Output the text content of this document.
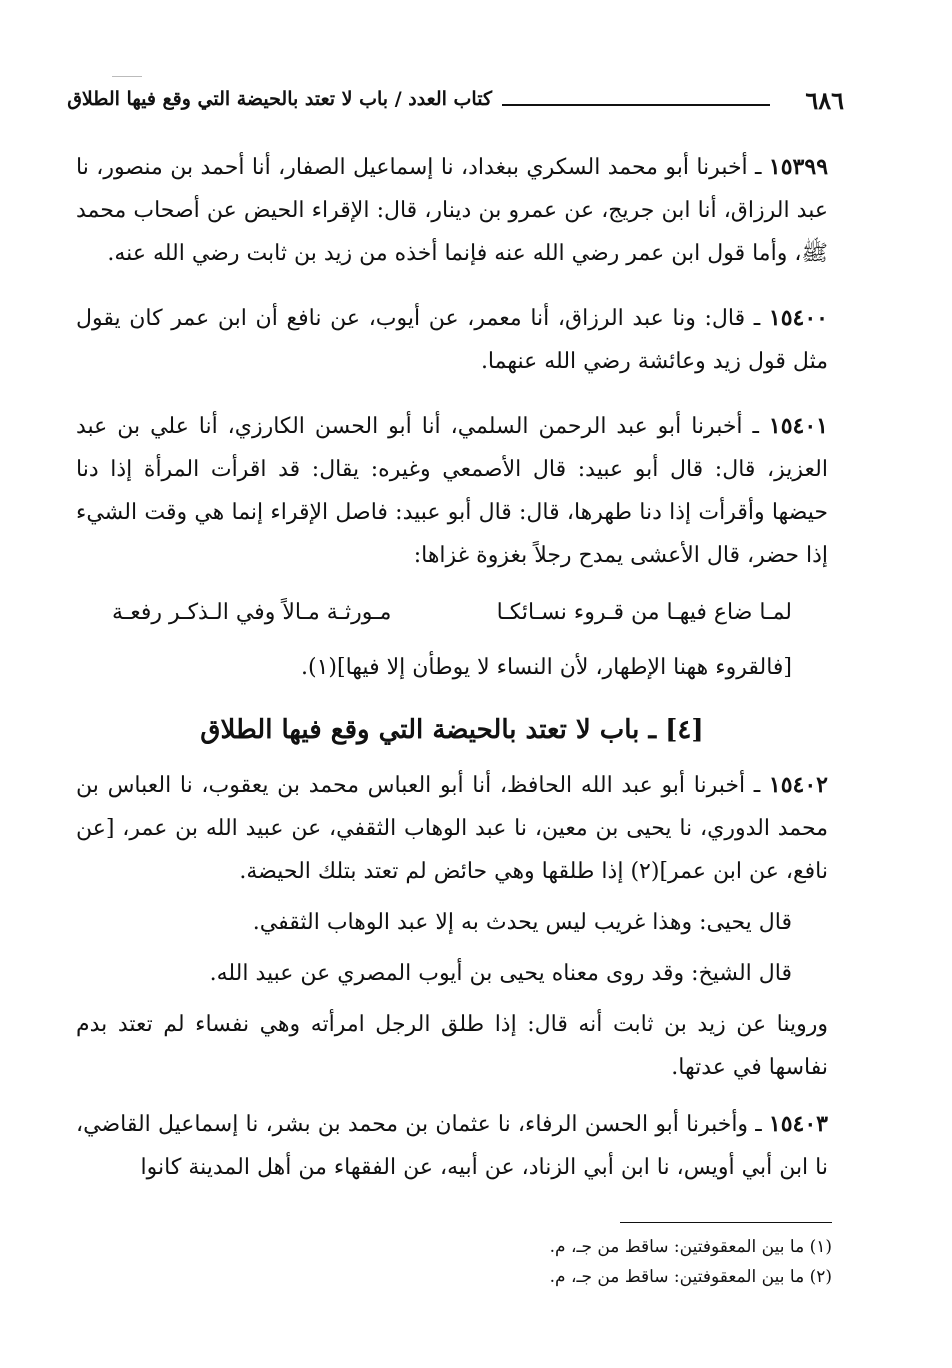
٦٨٦
كتاب العدد / باب لا تعتد بالحيضة التي وقع فيها الطلاق

١٥٣٩٩ ـ أخبرنا أبو محمد السكري ببغداد، نا إسماعيل الصفار، أنا أحمد بن منصور، نا عبد الرزاق، أنا ابن جريج، عن عمرو بن دينار، قال: الإقراء الحيض عن أصحاب محمد ﷺ، وأما قول ابن عمر رضي الله عنه فإنما أخذه من زيد بن ثابت رضي الله عنه.

١٥٤٠٠ ـ قال: ونا عبد الرزاق، أنا معمر، عن أيوب، عن نافع أن ابن عمر كان يقول مثل قول زيد وعائشة رضي الله عنهما.

١٥٤٠١ ـ أخبرنا أبو عبد الرحمن السلمي، أنا أبو الحسن الكارزي، أنا علي بن عبد العزيز، قال: قال أبو عبيد: قال الأصمعي وغيره: يقال: قد اقرأت المرأة إذا دنا حيضها وأقرأت إذا دنا طهرها، قال: قال أبو عبيد: فاصل الإقراء إنما هي وقت الشيء إذا حضر، قال الأعشى يمدح رجلاً بغزوة غزاها:

لمـا ضاع فيهـا من قـروء نسـائكـا
مـورثـة مـالاً وفي الـذكـر رفعـة

[فالقروء ههنا الإطهار، لأن النساء لا يوطأن إلا فيها](١).

[٤] ـ باب لا تعتد بالحيضة التي وقع فيها الطلاق

١٥٤٠٢ ـ أخبرنا أبو عبد الله الحافظ، أنا أبو العباس محمد بن يعقوب، نا العباس بن محمد الدوري، نا يحيى بن معين، نا عبد الوهاب الثقفي، عن عبيد الله بن عمر، [عن نافع، عن ابن عمر](٢) إذا طلقها وهي حائض لم تعتد بتلك الحيضة.

قال يحيى: وهذا غريب ليس يحدث به إلا عبد الوهاب الثقفي.

قال الشيخ: وقد روى معناه يحيى بن أيوب المصري عن عبيد الله.

وروينا عن زيد بن ثابت أنه قال: إذا طلق الرجل امرأته وهي نفساء لم تعتد بدم نفاسها في عدتها.

١٥٤٠٣ ـ وأخبرنا أبو الحسن الرفاء، نا عثمان بن محمد بن بشر، نا إسماعيل القاضي، نا ابن أبي أويس، نا ابن أبي الزناد، عن أبيه، عن الفقهاء من أهل المدينة كانوا

(١) ما بين المعقوفتين: ساقط من جـ، م.
(٢) ما بين المعقوفتين: ساقط من جـ، م.
